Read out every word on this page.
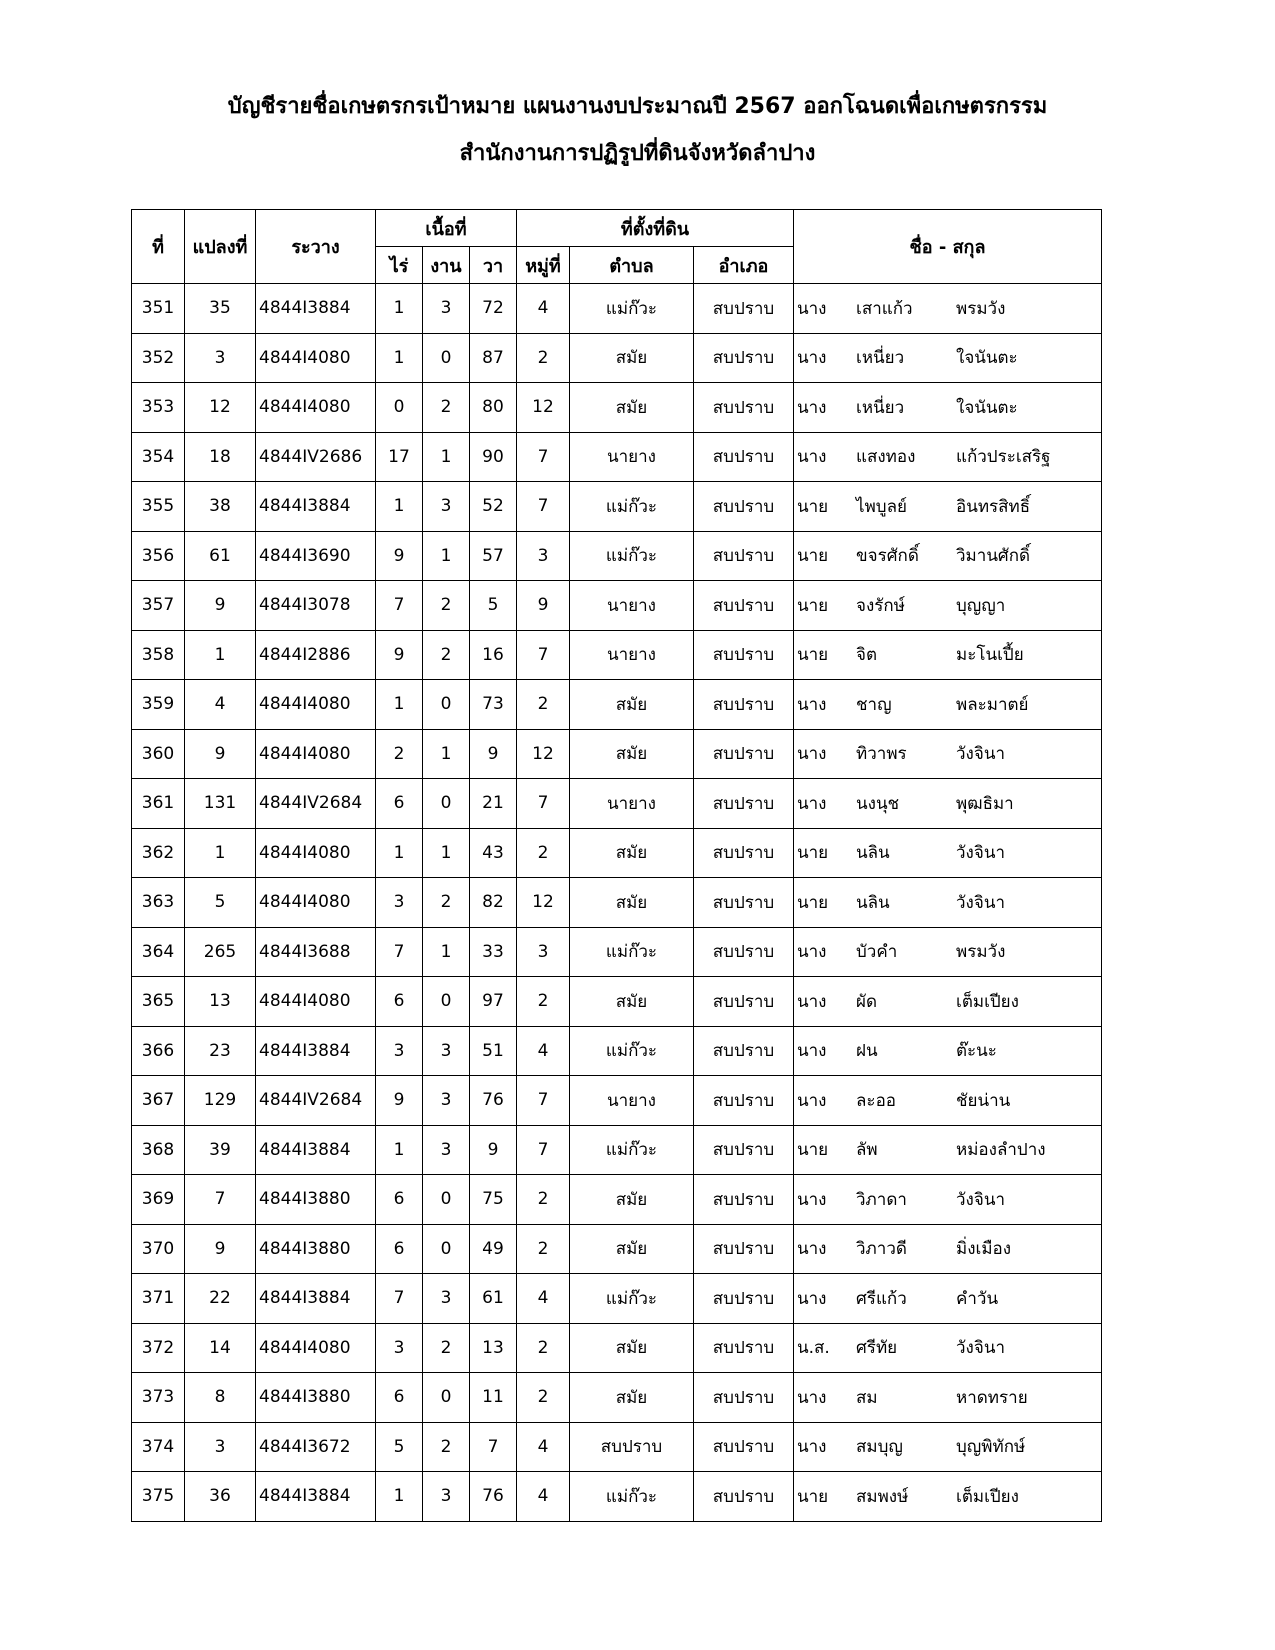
บัญชีรายชื่อเกษตรกรเป้าหมาย แผนงานงบประมาณปี 2567 ออกโฉนดเพื่อเกษตรกรรม
สำนักงานการปฏิรูปที่ดินจังหวัดลำปาง
ที่	แปลงที่	ระวาง	เนื้อที่			ที่ตั้งที่ดิน			ชื่อ - สกุล
			ไร่	งาน	วา	หมู่ที่	ตำบล	อำเภอ	
351	35	4844I3884	1	3	72	4	แม่ก๊วะ	สบปราบ	นาง เสาแก้ว พรมวัง

352	3	4844I4080	1	0	87	2	สมัย	สบปราบ	นาง เหนี่ยว ใจนันตะ

353	12	4844I4080	0	2	80	12	สมัย	สบปราบ	นาง เหนี่ยว ใจนันตะ

354	18	4844IV2686	17	1	90	7	นายาง	สบปราบ	นาง แสงทอง แก้วประเสริฐ

355	38	4844I3884	1	3	52	7	แม่ก๊วะ	สบปราบ	นาย ไพบูลย์ อินทรสิทธิ์

356	61	4844I3690	9	1	57	3	แม่ก๊วะ	สบปราบ	นาย ขจรศักดิ์ วิมานศักดิ์

357	9	4844I3078	7	2	5	9	นายาง	สบปราบ	นาย จงรักษ์ บุญญา

358	1	4844I2886	9	2	16	7	นายาง	สบปราบ	นาย จิต มะโนเปี้ย

359	4	4844I4080	1	0	73	2	สมัย	สบปราบ	นาง ชาญ พละมาตย์

360	9	4844I4080	2	1	9	12	สมัย	สบปราบ	นาง ทิวาพร วังจินา

361	131	4844IV2684	6	0	21	7	นายาง	สบปราบ	นาง นงนุช พุฒธิมา

362	1	4844I4080	1	1	43	2	สมัย	สบปราบ	นาย นลิน วังจินา

363	5	4844I4080	3	2	82	12	สมัย	สบปราบ	นาย นลิน วังจินา

364	265	4844I3688	7	1	33	3	แม่ก๊วะ	สบปราบ	นาง บัวคำ พรมวัง

365	13	4844I4080	6	0	97	2	สมัย	สบปราบ	นาง ผัด เต็มเปียง

366	23	4844I3884	3	3	51	4	แม่ก๊วะ	สบปราบ	นาง ฝน ต๊ะนะ

367	129	4844IV2684	9	3	76	7	นายาง	สบปราบ	นาง ละออ ชัยน่าน

368	39	4844I3884	1	3	9	7	แม่ก๊วะ	สบปราบ	นาย ลัพ หม่องลำปาง

369	7	4844I3880	6	0	75	2	สมัย	สบปราบ	นาง วิภาดา วังจินา

370	9	4844I3880	6	0	49	2	สมัย	สบปราบ	นาง วิภาวดี มิ่งเมือง

371	22	4844I3884	7	3	61	4	แม่ก๊วะ	สบปราบ	นาง ศรีแก้ว คำวัน

372	14	4844I4080	3	2	13	2	สมัย	สบปราบ	น.ส. ศรีทัย วังจินา

373	8	4844I3880	6	0	11	2	สมัย	สบปราบ	นาง สม หาดทราย

374	3	4844I3672	5	2	7	4	สบปราบ	สบปราบ	นาง สมบุญ บุญพิทักษ์

375	36	4844I3884	1	3	76	4	แม่ก๊วะ	สบปราบ	นาย สมพงษ์ เต็มเปียง
